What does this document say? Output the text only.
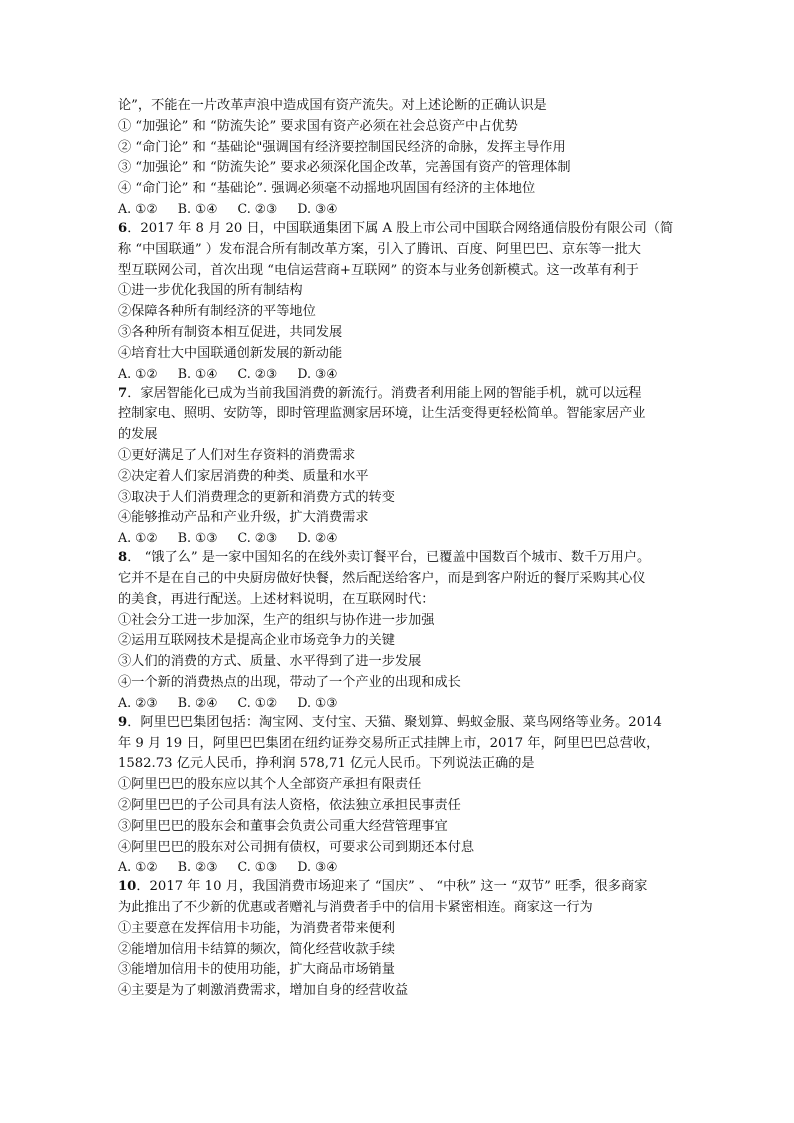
论”，不能在一片改革声浪中造成国有资产流失。对上述论断的正确认识是
① “加强论” 和 “防流失论” 要求国有资产必须在社会总资产中占优势
② “命门论” 和 “基础论"强调国有经济要控制国民经济的命脉，发挥主导作用
③ “加强论” 和 “防流失论” 要求必须深化国企改革，完善国有资产的管理体制
④ “命门论” 和 “基础论”. 强调必须毫不动摇地巩固国有经济的主体地位
A. ①②     B. ①④     C. ②③     D. ③④
6．2017 年 8 月 20 日，中国联通集团下属 A 股上市公司中国联合网络通信股份有限公司（简
称 “中国联通” ）发布混合所有制改革方案，引入了腾讯、百度、阿里巴巴、京东等一批大
型互联网公司，首次出现 “电信运营商+互联网” 的资本与业务创新模式。这一改革有利于
①进一步优化我国的所有制结构
②保障各种所有制经济的平等地位
③各种所有制资本相互促进，共同发展
④培育壮大中国联通创新发展的新动能
A. ①②     B. ①④     C. ②③     D. ③④
7．家居智能化已成为当前我国消费的新流行。消费者利用能上网的智能手机，就可以远程
控制家电、照明、安防等，即时管理监测家居环境，让生活变得更轻松简单。智能家居产业
的发展
①更好满足了人们对生存资料的消费需求
②决定着人们家居消费的种类、质量和水平
③取决于人们消费理念的更新和消费方式的转变
④能够推动产品和产业升级，扩大消费需求
A. ①②     B. ①③     C. ②③     D. ②④
8． “饿了么” 是一家中国知名的在线外卖订餐平台，已覆盖中国数百个城市、数千万用户。
它并不是在自己的中央厨房做好快餐，然后配送给客户，而是到客户附近的餐厅采购其心仪
的美食，再进行配送。上述材料说明，在互联网时代：
①社会分工进一步加深，生产的组织与协作进一步加强
②运用互联网技术是提高企业市场竞争力的关键
③人们的消费的方式、质量、水平得到了进一步发展
④一个新的消费热点的出现，带动了一个产业的出现和成长
A. ②③     B. ②④     C. ①②     D. ①③
9．阿里巴巴集团包括：淘宝网、支付宝、天猫、聚划算、蚂蚁金服、菜鸟网络等业务。2014
年 9 月 19 日，阿里巴巴集团在纽约证券交易所正式挂牌上市，2017 年，阿里巴巴总营收，
1582.73 亿元人民币，挣利润 578,71 亿元人民币。下列说法正确的是
①阿里巴巴的股东应以其个人全部资产承担有限责任
②阿里巴巴的子公司具有法人资格，依法独立承担民事责任
③阿里巴巴的股东会和董事会负责公司重大经营管理事宜
④阿里巴巴的股东对公司拥有债权，可要求公司到期还本付息
A. ①②     B. ②③     C. ①③     D. ③④
10．2017 年 10 月，我国消费市场迎来了 “国庆” 、 “中秋” 这一 “双节” 旺季，很多商家
为此推出了不少新的优惠或者赠礼与消费者手中的信用卡紧密相连。商家这一行为
①主要意在发挥信用卡功能，为消费者带来便利
②能增加信用卡结算的频次，简化经营收款手续
③能增加信用卡的使用功能，扩大商品市场销量
④主要是为了刺激消费需求，增加自身的经营收益
